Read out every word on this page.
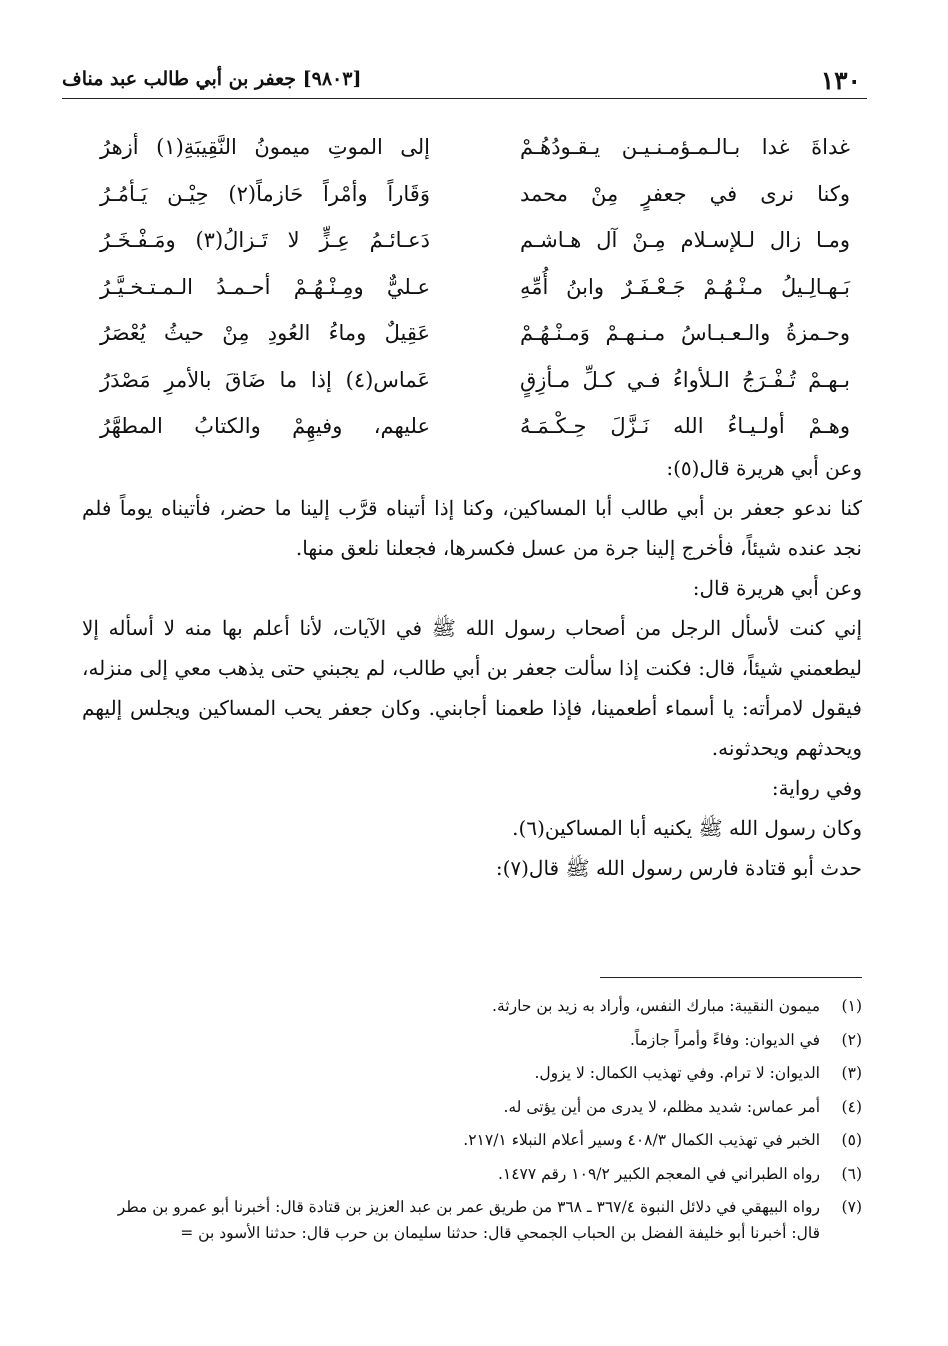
١٣٠
[٩٨٠٣] جعفر بن أبي طالب عبد مناف
غداةَ غدا بـالـمـؤمـنـيـن يـقـودُهُـمْ
إلى الموتِ ميمونُ النَّقِيبَةِ(١) أزهرُ
وكنا نرى في جعفرٍ مِنْ محمد
وَقَاراً وأمْراً حَازماً(٢) حِيْـن يَـأمُـرُ
ومـا زال لـلإسـلام مِـنْ آل هـاشـم
دَعـائـمُ عِـزٍّ لا تَـزالُ(٣) ومَـفْـخَـرُ
بَـهـالِـيلُ مـنْـهُـمْ جَـعْـفَـرٌ وابنُ أُمِّهِ
عـليٌّ ومِـنْـهُـمْ أحـمـدُ الـمـتـخـيَّـرُ
وحـمزةُ والـعـبـاسُ مـنـهـمْ وَمـنْـهُـمْ
عَقِيلٌ وماءُ العُودِ مِنْ حيثُ يُعْصَرُ
بـهـمْ تُـفْـرَجُ الـلأواءُ فـي كـلِّ مـأزِقٍ
عَماس(٤) إذا ما ضَاقَ بالأمرِ مَصْدَرُ
وهـمْ أولـيـاءُ الله نَـزَّلَ حِـكْـمَـهُ
عليهم، وفيهِمْ والكتابُ المطهَّرُ

وعن أبي هريرة قال(٥):

كنا ندعو جعفر بن أبي طالب أبا المساكين، وكنا إذا أتيناه قرَّب إلينا ما حضر، فأتيناه يوماً فلم نجد عنده شيئاً، فأخرج إلينا جرة من عسل فكسرها، فجعلنا نلعق منها.

وعن أبي هريرة قال:

إني كنت لأسأل الرجل من أصحاب رسول الله ﷺ في الآيات، لأنا أعلم بها منه لا أسأله إلا ليطعمني شيئاً، قال: فكنت إذا سألت جعفر بن أبي طالب، لم يجبني حتى يذهب معي إلى منزله، فيقول لامرأته: يا أسماء أطعمينا، فإذا طعمنا أجابني. وكان جعفر يحب المساكين ويجلس إليهم ويحدثهم ويحدثونه.

وفي رواية:

وكان رسول الله ﷺ يكنيه أبا المساكين(٦).

حدث أبو قتادة فارس رسول الله ﷺ قال(٧):

(١)
ميمون النقيبة: مبارك النفس، وأراد به زيد بن حارثة.

(٢)
في الديوان: وفاءً وأمراً جازماً.

(٣)
الديوان: لا ترام. وفي تهذيب الكمال: لا يزول.

(٤)
أمر عماس: شديد مظلم، لا يدرى من أين يؤتى له.

(٥)
الخبر في تهذيب الكمال ٤٠٨/٣ وسير أعلام النبلاء ٢١٧/١.

(٦)
رواه الطبراني في المعجم الكبير ١٠٩/٢ رقم ١٤٧٧.

(٧)
رواه البيهقي في دلائل النبوة ٣٦٧/٤ ـ ٣٦٨ من طريق عمر بن عبد العزيز بن قتادة قال: أخبرنا أبو عمرو بن مطر

قال: أخبرنا أبو خليفة الفضل بن الحباب الجمحي قال: حدثنا سليمان بن حرب قال: حدثنا الأسود بن =
